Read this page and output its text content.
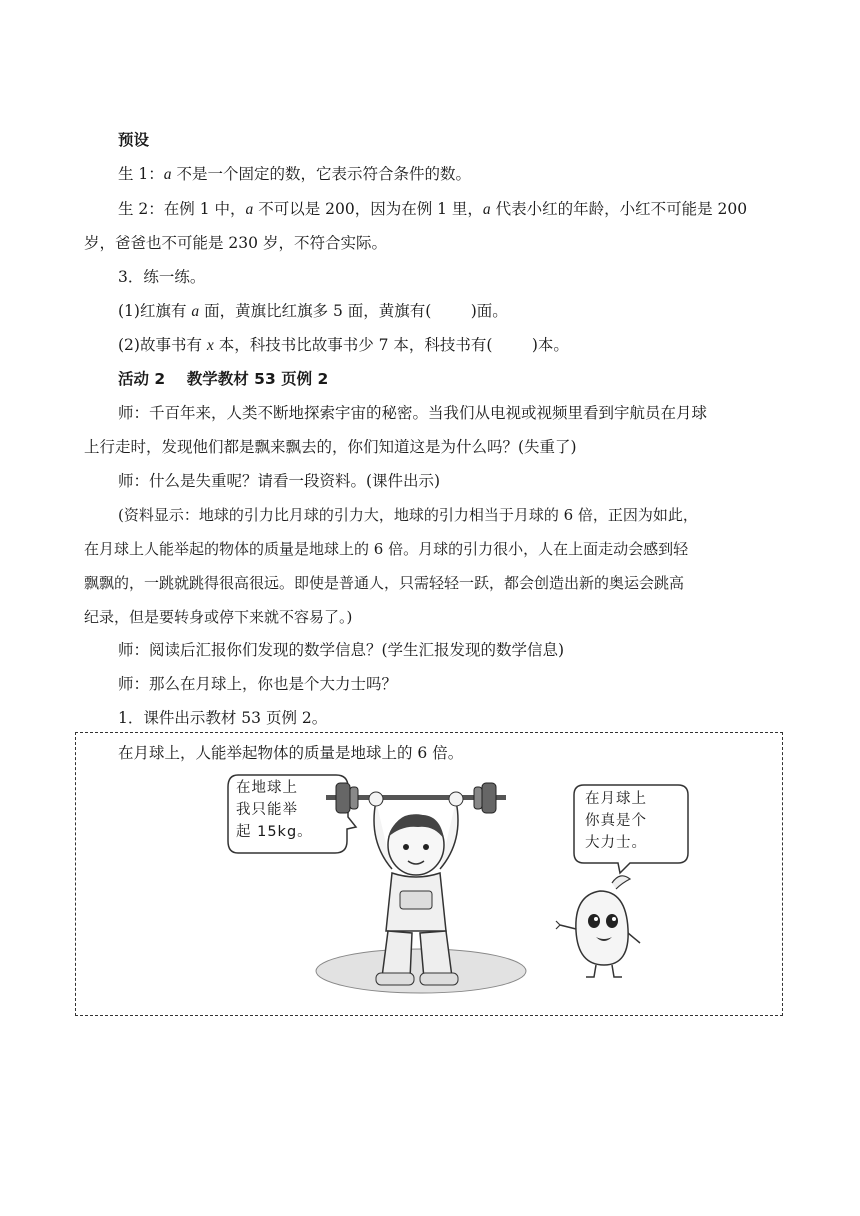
预设
生 1：a 不是一个固定的数，它表示符合条件的数。
生 2：在例 1 中，a 不可以是 200，因为在例 1 里，a 代表小红的年龄，小红不可能是 200
岁，爸爸也不可能是 230 岁，不符合实际。
3．练一练。
(1)红旗有 a 面，黄旗比红旗多 5 面，黄旗有(        )面。
(2)故事书有 x 本，科技书比故事书少 7 本，科技书有(        )本。
活动 2    教学教材 53 页例 2
师：千百年来，人类不断地探索宇宙的秘密。当我们从电视或视频里看到宇航员在月球
上行走时，发现他们都是飘来飘去的，你们知道这是为什么吗？(失重了)
师：什么是失重呢？请看一段资料。(课件出示)
(资料显示：地球的引力比月球的引力大，地球的引力相当于月球的 6 倍，正因为如此，
在月球上人能举起的物体的质量是地球上的 6 倍。月球的引力很小，人在上面走动会感到轻
飘飘的，一跳就跳得很高很远。即使是普通人，只需轻轻一跃，都会创造出新的奥运会跳高
纪录，但是要转身或停下来就不容易了。)
师：阅读后汇报你们发现的数学信息？(学生汇报发现的数学信息)
师：那么在月球上，你也是个大力士吗？
1．课件出示教材 53 页例 2。
在月球上，人能举起物体的质量是地球上的 6 倍。
在地球上
我只能举
起 15kg。
在月球上
你真是个
大力士。
